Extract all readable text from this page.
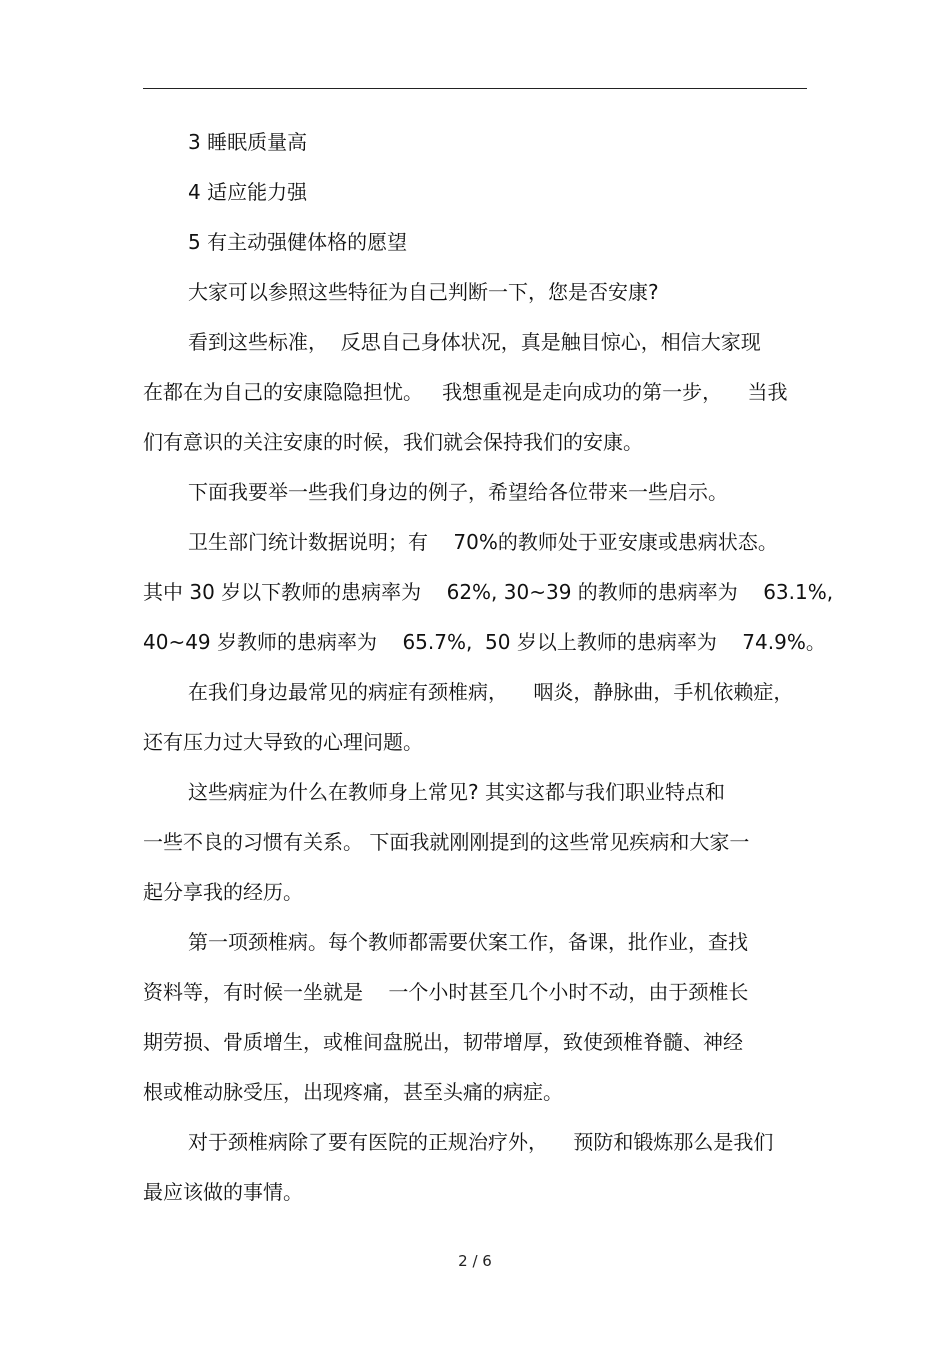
3 睡眠质量高
4 适应能力强
5 有主动强健体格的愿望
大家可以参照这些特征为自己判断一下，您是否安康?
看到这些标准，  反思自己身体状况，真是触目惊心，相信大家现
在都在为自己的安康隐隐担忧。   我想重视是走向成功的第一步，    当我
们有意识的关注安康的时候，我们就会保持我们的安康。
下面我要举一些我们身边的例子，希望给各位带来一些启示。
卫生部门统计数据说明；有    70%的教师处于亚安康或患病状态。
其中 30 岁以下教师的患病率为    62%, 30~39 的教师的患病率为    63.1%,
40~49 岁教师的患病率为    65.7%,  50 岁以上教师的患病率为    74.9%。
在我们身边最常见的病症有颈椎病，    咽炎，静脉曲，手机依赖症，
还有压力过大导致的心理问题。
这些病症为什么在教师身上常见? 其实这都与我们职业特点和
一些不良的习惯有关系。 下面我就刚刚提到的这些常见疾病和大家一
起分享我的经历。
第一项颈椎病。每个教师都需要伏案工作，备课，批作业，查找
资料等，有时候一坐就是    一个小时甚至几个小时不动，由于颈椎长
期劳损、骨质增生，或椎间盘脱出，韧带增厚，致使颈椎脊髓、神经
根或椎动脉受压，出现疼痛，甚至头痛的病症。
对于颈椎病除了要有医院的正规治疗外，    预防和锻炼那么是我们
最应该做的事情。
2 / 6
